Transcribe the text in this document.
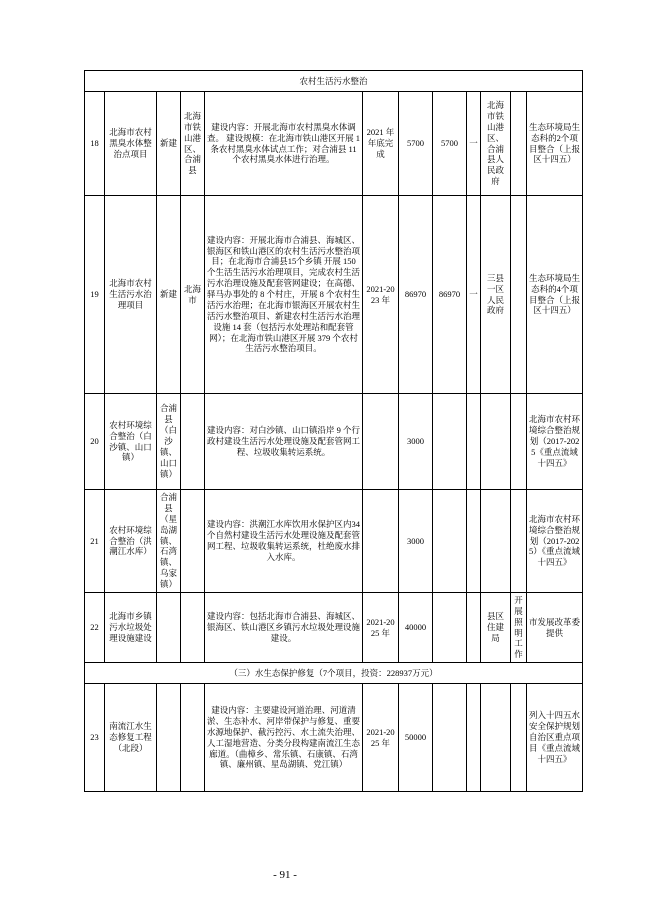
农村生活污水整治											
18	北海市农村黑臭水体整治点项目	新建	北海市铁山港区、合浦县	建设内容：开展北海市农村黑臭水体调查。 建设规模：在北海市铁山港区开展 1 条农村黑臭水体试点工作；对合浦县 11 个农村黑臭水体进行治理。	2021 年年底完成	5700	5700	一	北海市铁山港区、合浦县人民政府		生态环境局生态科的2个项目整合（上报区十四五）
19	北海市农村生活污水治理项目	新建	北海市	建设内容：开展北海市合浦县、海城区、银海区和铁山港区的农村生活污水整治项目；在北海市合浦县15个乡镇 开展 150 个生活生活污水治理项目，完成农村生活污水治理设施及配套管网建设；在高德、驿马办事处的 8 个村庄，开展 8 个农村生活污水治理；在北海市银海区开展农村生活污水整治项目、新建农村生活污水治理设施 14 套（包括污水处理站和配套管网）；在北海市铁山港区开展 379 个农村生活污水整治项目。	2021-2023 年	86970	86970	一	三县 一区 人民政府		生态环境局生态科的4个项目整合（上报区十四五）
20	农村环境综合整治（白沙镇、山口镇）	合浦县（白沙镇、山口镇）		建设内容：对白沙镇、山口镇沿岸 9 个行政村建设生活污水处理设施及配套管网工程、垃圾收集转运系统。		3000					北海市农村环境综合整治规划（2017-2025《重点流域十四五》
21	农村环境综合整治（洪潮江水库）	合浦县（星岛湖镇、石湾镇、乌家镇）		建设内容：洪潮江水库饮用水保护区内34 个自然村建设生活污水处理设施及配套管网工程、垃圾收集转运系统，杜绝废水排入水库。		3000					北海市农村环境综合整治规划（2017-2025）《重点流域十四五》
22	北海市乡镇污水垃圾处理设施建设			建设内容：包括北海市合浦县、海城区、银海区、铁山港区乡镇污水垃圾处理设施建设。	2021-2025 年	40000			县区住建局	开展照明工作	市发展改革委提供
（三）水生态保护修复（7个项目，投资：228937万元）											
23	南流江水生态修复工程（北段）			建设内容：主要建设河道治理、河道清淤、生态补水、河岸带保护与修复、重要水源地保护、截污控污、水土流失治理、人工湿地营造、分类分段构建南流江生态廊道。（曲樟乡、常乐镇、石康镇、石湾镇、廉州镇、星岛湖镇、党江镇）	2021-2025 年	50000					列入十四五水安全保护规划自治区重点项目《重点流域十四五》
- 91 -
